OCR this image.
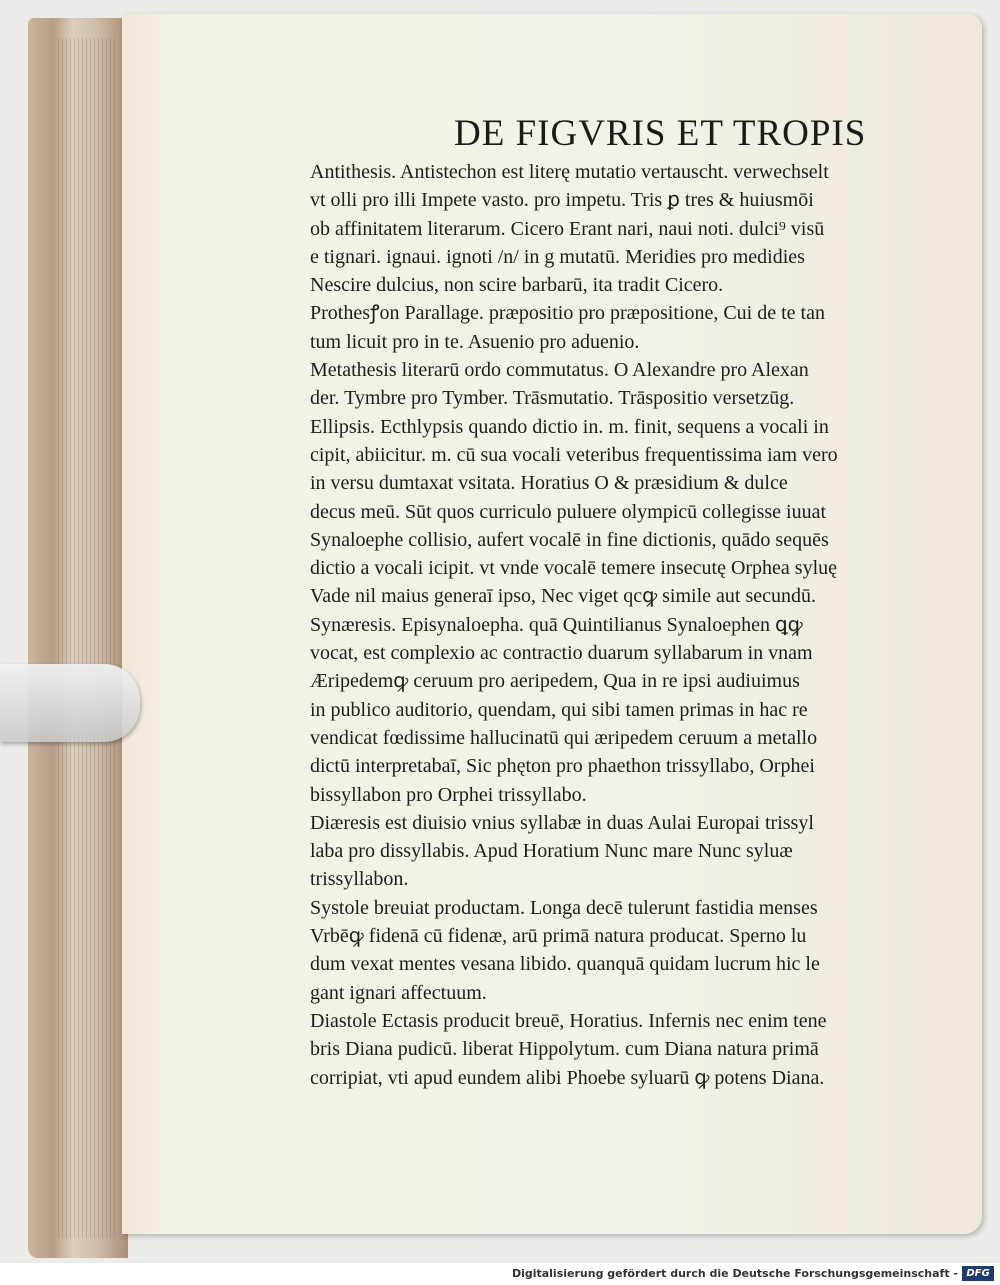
DE FIGVRIS ET TROPIS
Antithesis. Antistechon est literę mutatio vertauscht. verwechselt
vt olli pro illi Impete vasto. pro impetu. Tris ꝑ tres & huiusmōi
ob affinitatem literarum. Cicero Erant nari, naui noti. dulci⁹ visū
e tignari. ignaui. ignoti /n/ in g mutatū. Meridies pro medidies
Nescire dulcius, non scire barbarū, ita tradit Cicero.
Prothesꝭon Parallage. præpositio pro præpositione, Cui de te tan
tum licuit pro in te. Asuenio pro aduenio.
Metathesis literarū ordo commutatus. O Alexandre pro Alexan
der. Tymbre pro Tymber. Trāsmutatio. Trāspositio versetzūg.
Ellipsis. Ecthlypsis quando dictio in. m. finit, sequens a vocali in
cipit, abiicitur. m. cū sua vocali veteribus frequentissima iam vero
in versu dumtaxat vsitata. Horatius O & præsidium & dulce
decus meū. Sūt quos curriculo puluere olympicū collegisse iuuat
Synaloephe collisio, aufert vocalē in fine dictionis, quādo sequēs
dictio a vocali icipit. vt vnde vocalē temere insecutę Orphea syluę
Vade nil maius generaī ipso, Nec viget qcꝙ simile aut secundū.
Synæresis. Episynaloepha. quā Quintilianus Synaloephen ꝗꝙ
vocat, est complexio ac contractio duarum syllabarum in vnam
Æripedemꝙ ceruum pro aeripedem, Qua in re ipsi audiuimus
in publico auditorio, quendam, qui sibi tamen primas in hac re
vendicat fœdissime hallucinatū qui æripedem ceruum a metallo
dictū interpretabaī, Sic phęton pro phaethon trissyllabo, Orphei
bissyllabon pro Orphei trissyllabo.
Diæresis est diuisio vnius syllabæ in duas Aulai Europai trissyl
laba pro dissyllabis. Apud Horatium Nunc mare Nunc syluæ
trissyllabon.
Systole breuiat productam. Longa decē tulerunt fastidia menses
Vrbēꝙ fidenā cū fidenæ, arū primā natura producat. Sperno lu
dum vexat mentes vesana libido. quanquā quidam lucrum hic le
gant ignari affectuum.
Diastole Ectasis producit breuē, Horatius. Infernis nec enim tene
bris Diana pudicū. liberat Hippolytum. cum Diana natura primā
corripiat, vti apud eundem alibi Phoebe syluarū ꝙ potens Diana.
Digitalisierung gefördert durch die Deutsche Forschungsgemeinschaft - DFG
